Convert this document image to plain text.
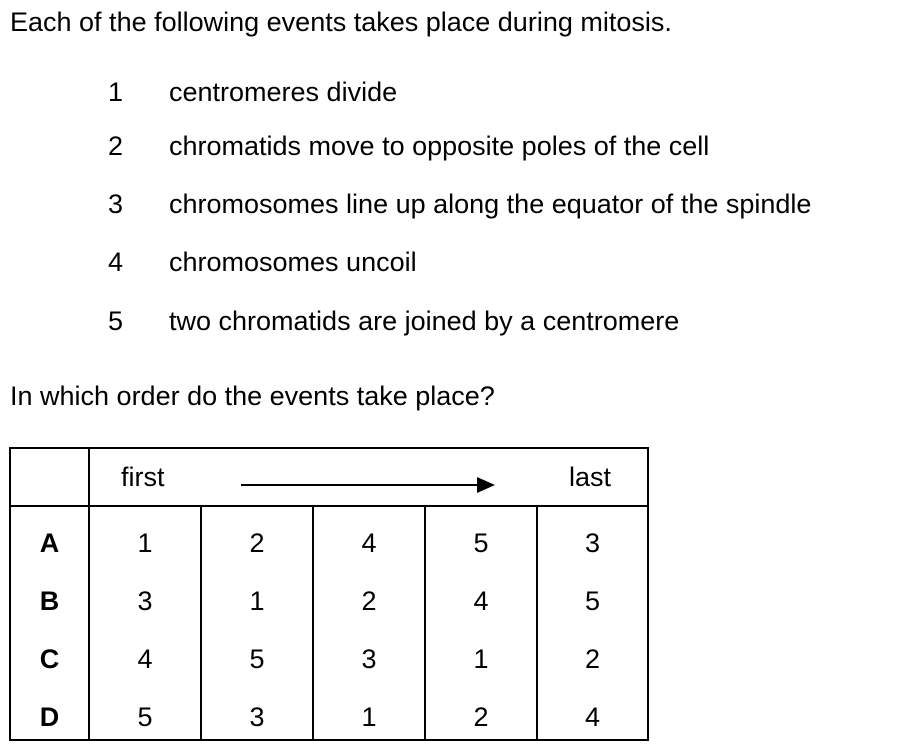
Each of the following events takes place during mitosis.
1 centromeres divide
2 chromatids move to opposite poles of the cell
3 chromosomes line up along the equator of the spindle
4 chromosomes uncoil
5 two chromatids are joined by a centromere
In which order do the events take place?
first	last
A	1	2	4	5	3
B	3	1	2	4	5
C	4	5	3	1	2
D	5	3	1	2	4
